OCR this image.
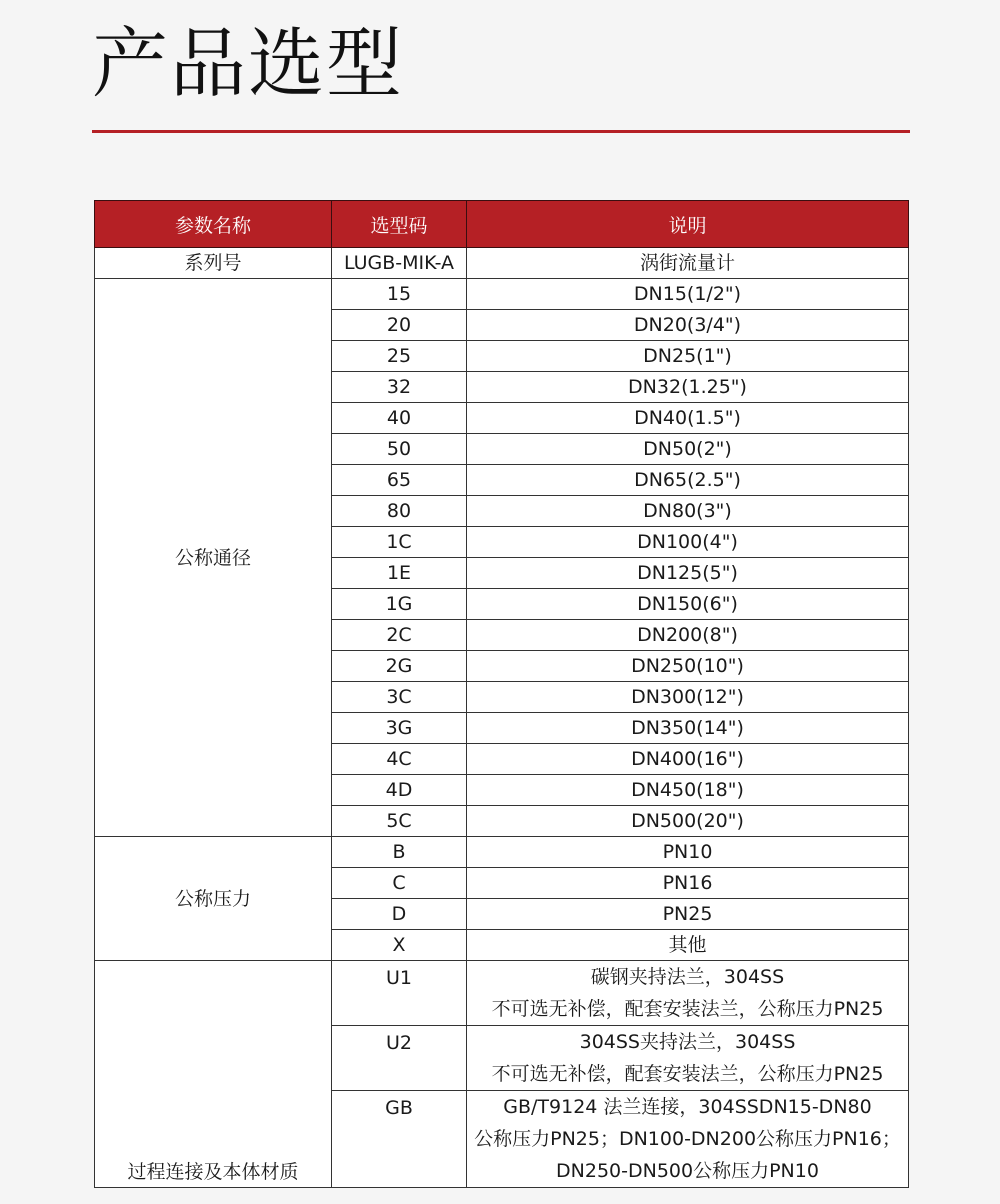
产品选型
参数名称	选型码	说明
系列号	LUGB-MIK-A	涡街流量计
公称通径	15	DN15(1/2")
	20	DN20(3/4")
	25	DN25(1")
	32	DN32(1.25")
	40	DN40(1.5")
	50	DN50(2")
	65	DN65(2.5")
	80	DN80(3")
	1C	DN100(4")
	1E	DN125(5")
	1G	DN150(6")
	2C	DN200(8")
	2G	DN250(10")
	3C	DN300(12")
	3G	DN350(14")
	4C	DN400(16")
	4D	DN450(18")
	5C	DN500(20")
公称压力	B	PN10
	C	PN16
	D	PN25
	X	其他
过程连接及本体材质	U1	碳钢夹持法兰，304SS
不可选无补偿，配套安装法兰，公称压力PN25

	U2	304SS夹持法兰，304SS
不可选无补偿，配套安装法兰，公称压力PN25

	GB	GB/T9124 法兰连接，304SSDN15-DN80
公称压力PN25；DN100-DN200公称压力PN16；
DN250-DN500公称压力PN10
